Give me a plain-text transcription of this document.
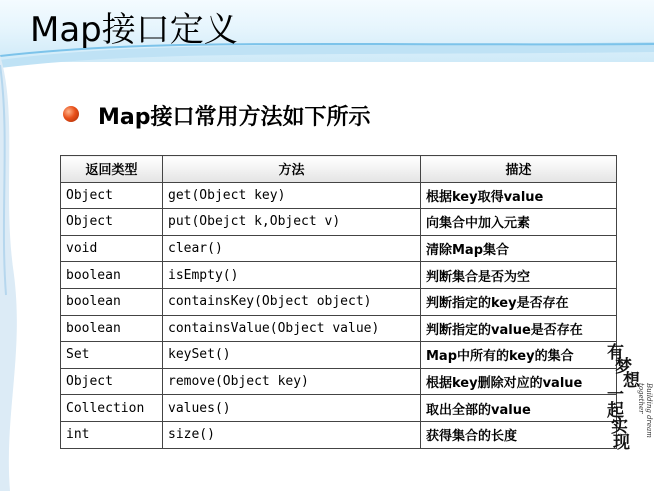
Map接口定义
Map接口常用方法如下所示
返回类型	方法	描述
Object	get(Object key)	根据key取得value
Object	put(Obejct k,Object v)	向集合中加入元素
void	clear()	清除Map集合
boolean	isEmpty()	判断集合是否为空
boolean	containsKey(Object object)	判断指定的key是否存在
boolean	containsValue(Object value)	判断指定的value是否存在
Set	keySet()	Map中所有的key的集合
Object	remove(Object key)	根据key删除对应的value
Collection	values()	取出全部的value
int	size()	获得集合的长度
有
梦
想
一
起
实
现
Building dream together
